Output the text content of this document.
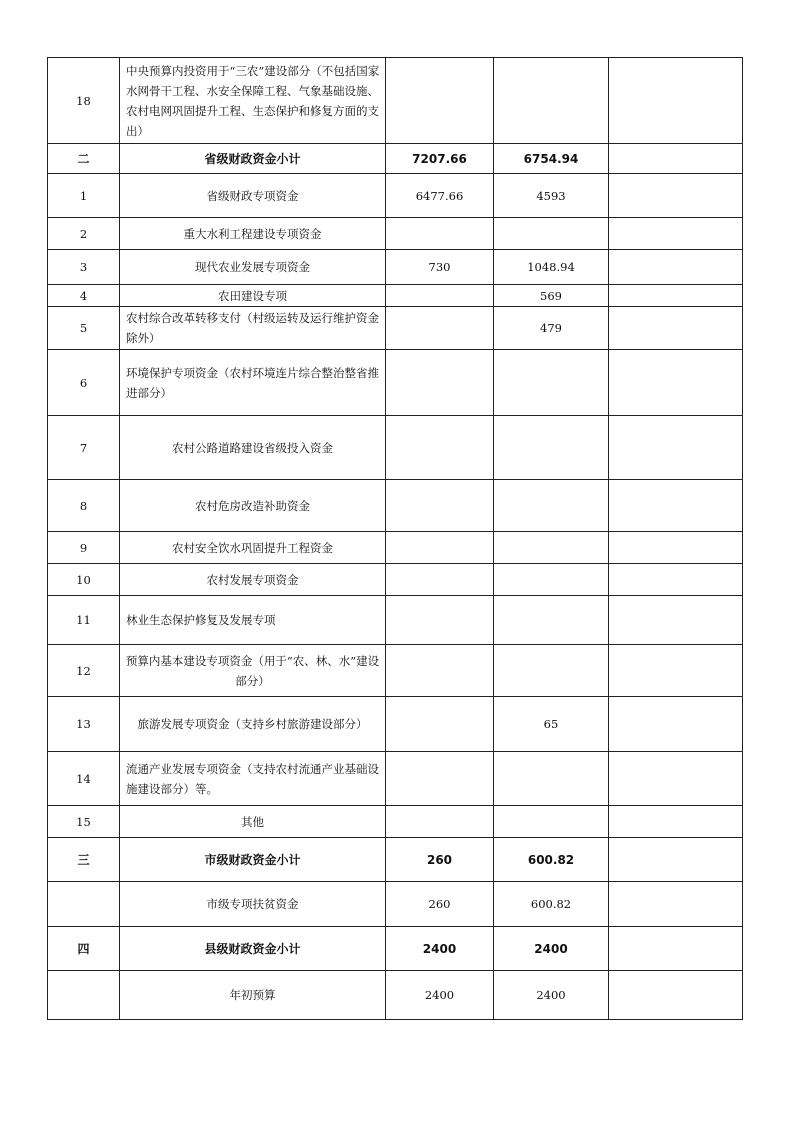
18	中央预算内投资用于“三农”建设部分（不包括国家水网骨干工程、水安全保障工程、气象基础设施、农村电网巩固提升工程、生态保护和修复方面的支出）			
二	省级财政资金小计	7207.66	6754.94	
1	省级财政专项资金	6477.66	4593	
2	重大水利工程建设专项资金			
3	现代农业发展专项资金	730	1048.94	
4	农田建设专项		569	
5	农村综合改革转移支付（村级运转及运行维护资金除外）		479	
6	环境保护专项资金（农村环境连片综合整治整省推进部分）			
7	农村公路道路建设省级投入资金			
8	农村危房改造补助资金			
9	农村安全饮水巩固提升工程资金			
10	农村发展专项资金			
11	林业生态保护修复及发展专项			
12	预算内基本建设专项资金（用于“农、林、水”建设部分）			
13	旅游发展专项资金（支持乡村旅游建设部分）		65	
14	流通产业发展专项资金（支持农村流通产业基础设施建设部分）等。			
15	其他			
三	市级财政资金小计	260	600.82	
	市级专项扶贫资金	260	600.82	
四	县级财政资金小计	2400	2400	
	年初预算	2400	2400	
